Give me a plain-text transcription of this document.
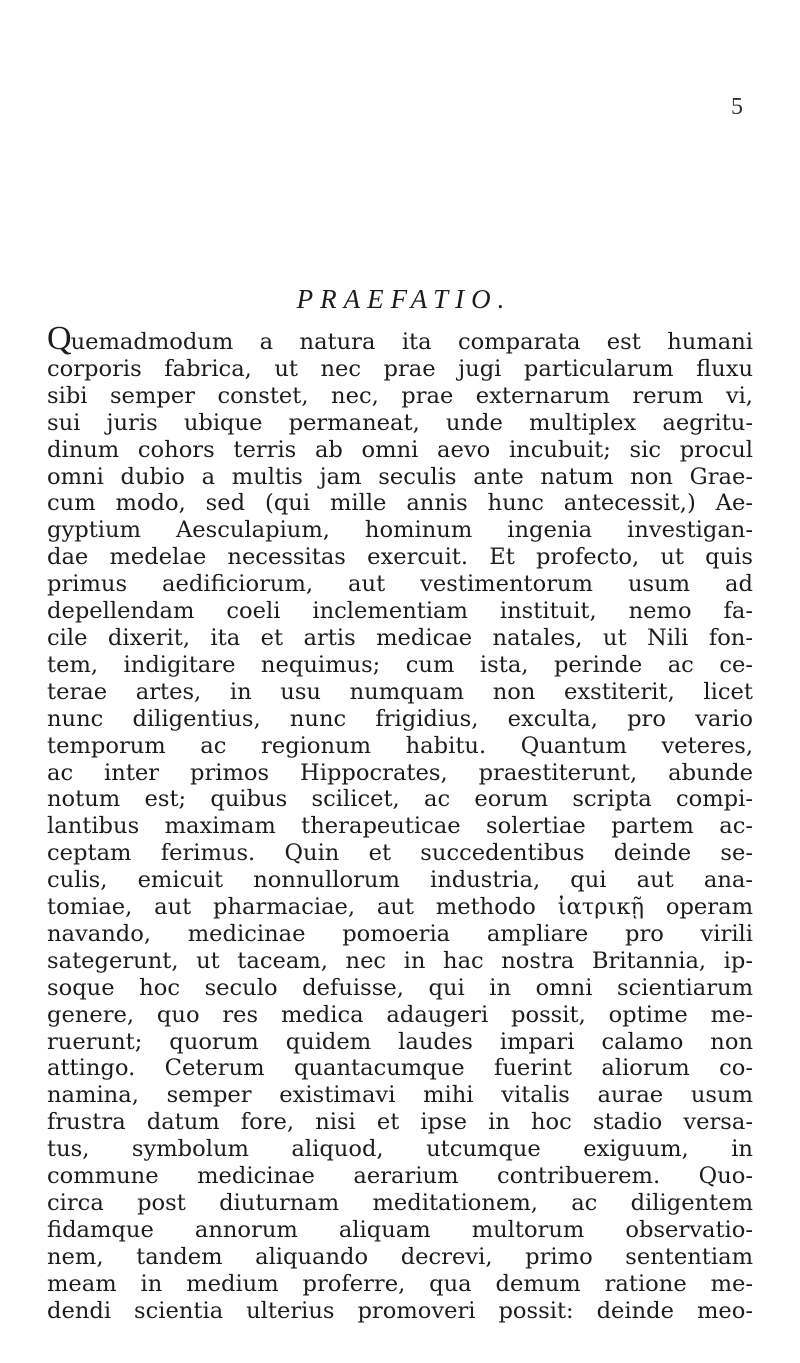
5
PRAEFATIO.
Quemadmodum a natura ita comparata est humani
corporis fabrica, ut nec prae jugi particularum fluxu
sibi semper constet, nec, prae externarum rerum vi,
sui juris ubique permaneat, unde multiplex aegritu-
dinum cohors terris ab omni aevo incubuit; sic procul
omni dubio a multis jam seculis ante natum non Grae-
cum modo, sed (qui mille annis hunc antecessit,) Ae-
gyptium Aesculapium, hominum ingenia investigan-
dae medelae necessitas exercuit. Et profecto, ut quis
primus aedificiorum, aut vestimentorum usum ad
depellendam coeli inclementiam instituit, nemo fa-
cile dixerit, ita et artis medicae natales, ut Nili fon-
tem, indigitare nequimus; cum ista, perinde ac ce-
terae artes, in usu numquam non exstiterit, licet
nunc diligentius, nunc frigidius, exculta, pro vario
temporum ac regionum habitu. Quantum veteres,
ac inter primos Hippocrates, praestiterunt, abunde
notum est; quibus scilicet, ac eorum scripta compi-
lantibus maximam therapeuticae solertiae partem ac-
ceptam ferimus. Quin et succedentibus deinde se-
culis, emicuit nonnullorum industria, qui aut ana-
tomiae, aut pharmaciae, aut methodo ἰατρικῇ operam
navando, medicinae pomoeria ampliare pro virili
sategerunt, ut taceam, nec in hac nostra Britannia, ip-
soque hoc seculo defuisse, qui in omni scientiarum
genere, quo res medica adaugeri possit, optime me-
ruerunt; quorum quidem laudes impari calamo non
attingo. Ceterum quantacumque fuerint aliorum co-
namina, semper existimavi mihi vitalis aurae usum
frustra datum fore, nisi et ipse in hoc stadio versa-
tus, symbolum aliquod, utcumque exiguum, in
commune medicinae aerarium contribuerem. Quo-
circa post diuturnam meditationem, ac diligentem
fidamque annorum aliquam multorum observatio-
nem, tandem aliquando decrevi, primo sententiam
meam in medium proferre, qua demum ratione me-
dendi scientia ulterius promoveri possit: deinde meo-
